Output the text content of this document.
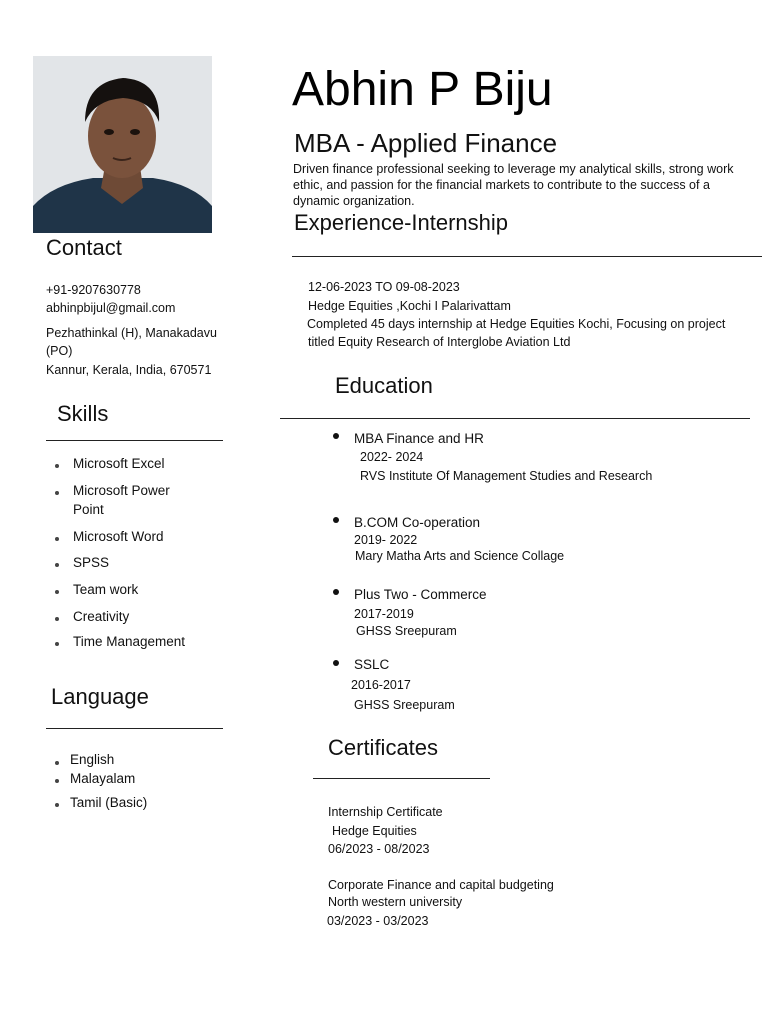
Abhin P Biju
MBA - Applied Finance
Driven finance professional seeking to leverage my analytical skills, strong work
ethic, and passion for the financial markets to contribute to the success of a
dynamic organization.
Contact
+91-9207630778
abhinpbijul@gmail.com
Pezhathinkal (H), Manakadavu
(PO)
Kannur, Kerala, India, 670571
Skills
Microsoft Excel
Microsoft Power
Point
Microsoft Word
SPSS
Team work
Creativity
Time Management
Language
English
Malayalam
Tamil (Basic)
Experience-Internship
12-06-2023 TO 09-08-2023
Hedge Equities ,Kochi I Palarivattam
Completed 45 days internship at Hedge Equities Kochi, Focusing on project
titled Equity Research of Interglobe Aviation Ltd
Education
MBA Finance and HR
2022- 2024
RVS Institute Of Management Studies and Research
B.COM Co-operation
2019- 2022
Mary Matha Arts and Science Collage
Plus Two - Commerce
2017-2019
GHSS Sreepuram
SSLC
2016-2017
GHSS Sreepuram
Certificates
Internship Certificate
Hedge Equities
06/2023 - 08/2023
Corporate Finance and capital budgeting
North western university
03/2023 - 03/2023
